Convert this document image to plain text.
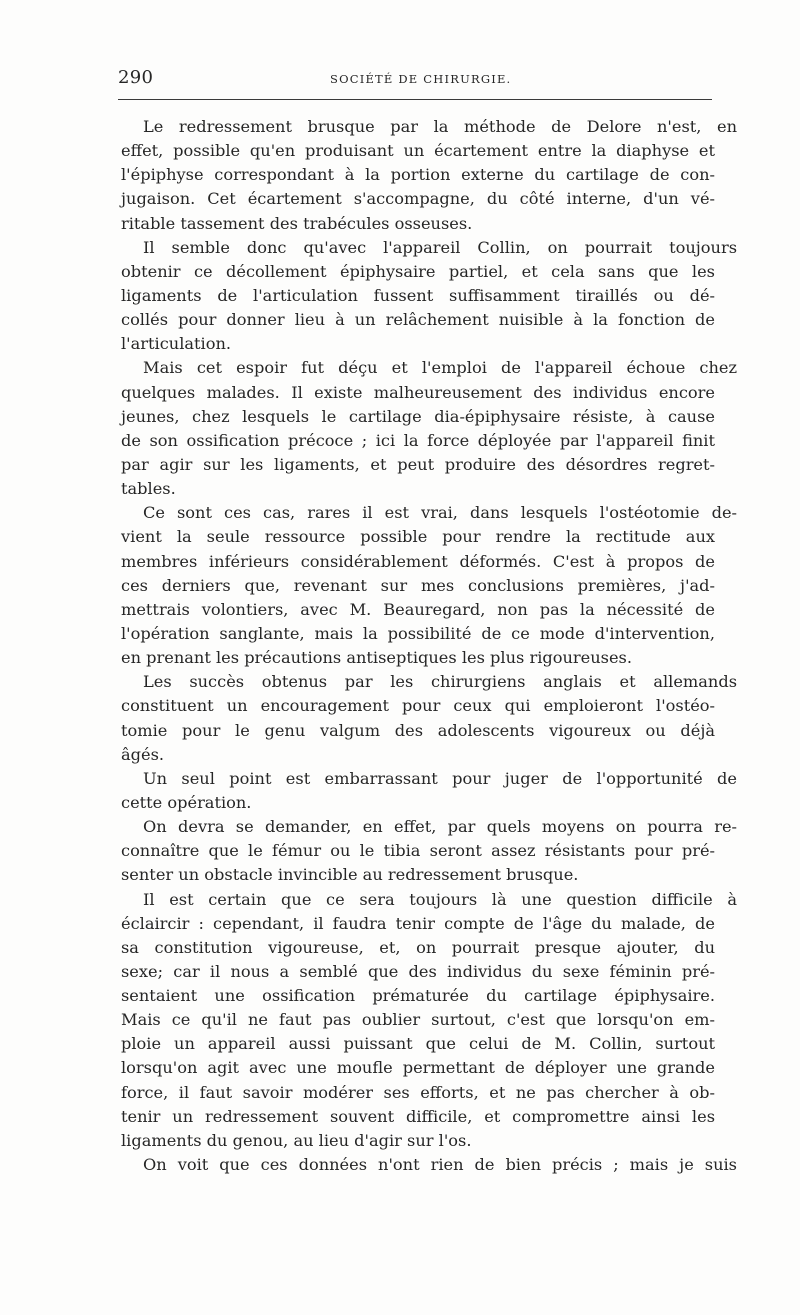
290	SOCIÉTÉ DE CHIRURGIE.
Le redressement brusque par la méthode de Delore n'est, en
effet, possible qu'en produisant un écartement entre la diaphyse et
l'épiphyse correspondant à la portion externe du cartilage de con-
jugaison. Cet écartement s'accompagne, du côté interne, d'un vé-
ritable tassement des trabécules osseuses.
Il semble donc qu'avec l'appareil Collin, on pourrait toujours
obtenir ce décollement épiphysaire partiel, et cela sans que les
ligaments de l'articulation fussent suffisamment tiraillés ou dé-
collés pour donner lieu à un relâchement nuisible à la fonction de
l'articulation.
Mais cet espoir fut déçu et l'emploi de l'appareil échoue chez
quelques malades. Il existe malheureusement des individus encore
jeunes, chez lesquels le cartilage dia-épiphysaire résiste, à cause
de son ossification précoce ; ici la force déployée par l'appareil finit
par agir sur les ligaments, et peut produire des désordres regret-
tables.
Ce sont ces cas, rares il est vrai, dans lesquels l'ostéotomie de-
vient la seule ressource possible pour rendre la rectitude aux
membres inférieurs considérablement déformés. C'est à propos de
ces derniers que, revenant sur mes conclusions premières, j'ad-
mettrais volontiers, avec M. Beauregard, non pas la nécessité de
l'opération sanglante, mais la possibilité de ce mode d'intervention,
en prenant les précautions antiseptiques les plus rigoureuses.
Les succès obtenus par les chirurgiens anglais et allemands
constituent un encouragement pour ceux qui emploieront l'ostéo-
tomie pour le genu valgum des adolescents vigoureux ou déjà
âgés.
Un seul point est embarrassant pour juger de l'opportunité de
cette opération.
On devra se demander, en effet, par quels moyens on pourra re-
connaître que le fémur ou le tibia seront assez résistants pour pré-
senter un obstacle invincible au redressement brusque.
Il est certain que ce sera toujours là une question difficile à
éclaircir : cependant, il faudra tenir compte de l'âge du malade, de
sa constitution vigoureuse, et, on pourrait presque ajouter, du
sexe; car il nous a semblé que des individus du sexe féminin pré-
sentaient une ossification prématurée du cartilage épiphysaire.
Mais ce qu'il ne faut pas oublier surtout, c'est que lorsqu'on em-
ploie un appareil aussi puissant que celui de M. Collin, surtout
lorsqu'on agit avec une moufle permettant de déployer une grande
force, il faut savoir modérer ses efforts, et ne pas chercher à ob-
tenir un redressement souvent difficile, et compromettre ainsi les
ligaments du genou, au lieu d'agir sur l'os.
On voit que ces données n'ont rien de bien précis ; mais je suis
